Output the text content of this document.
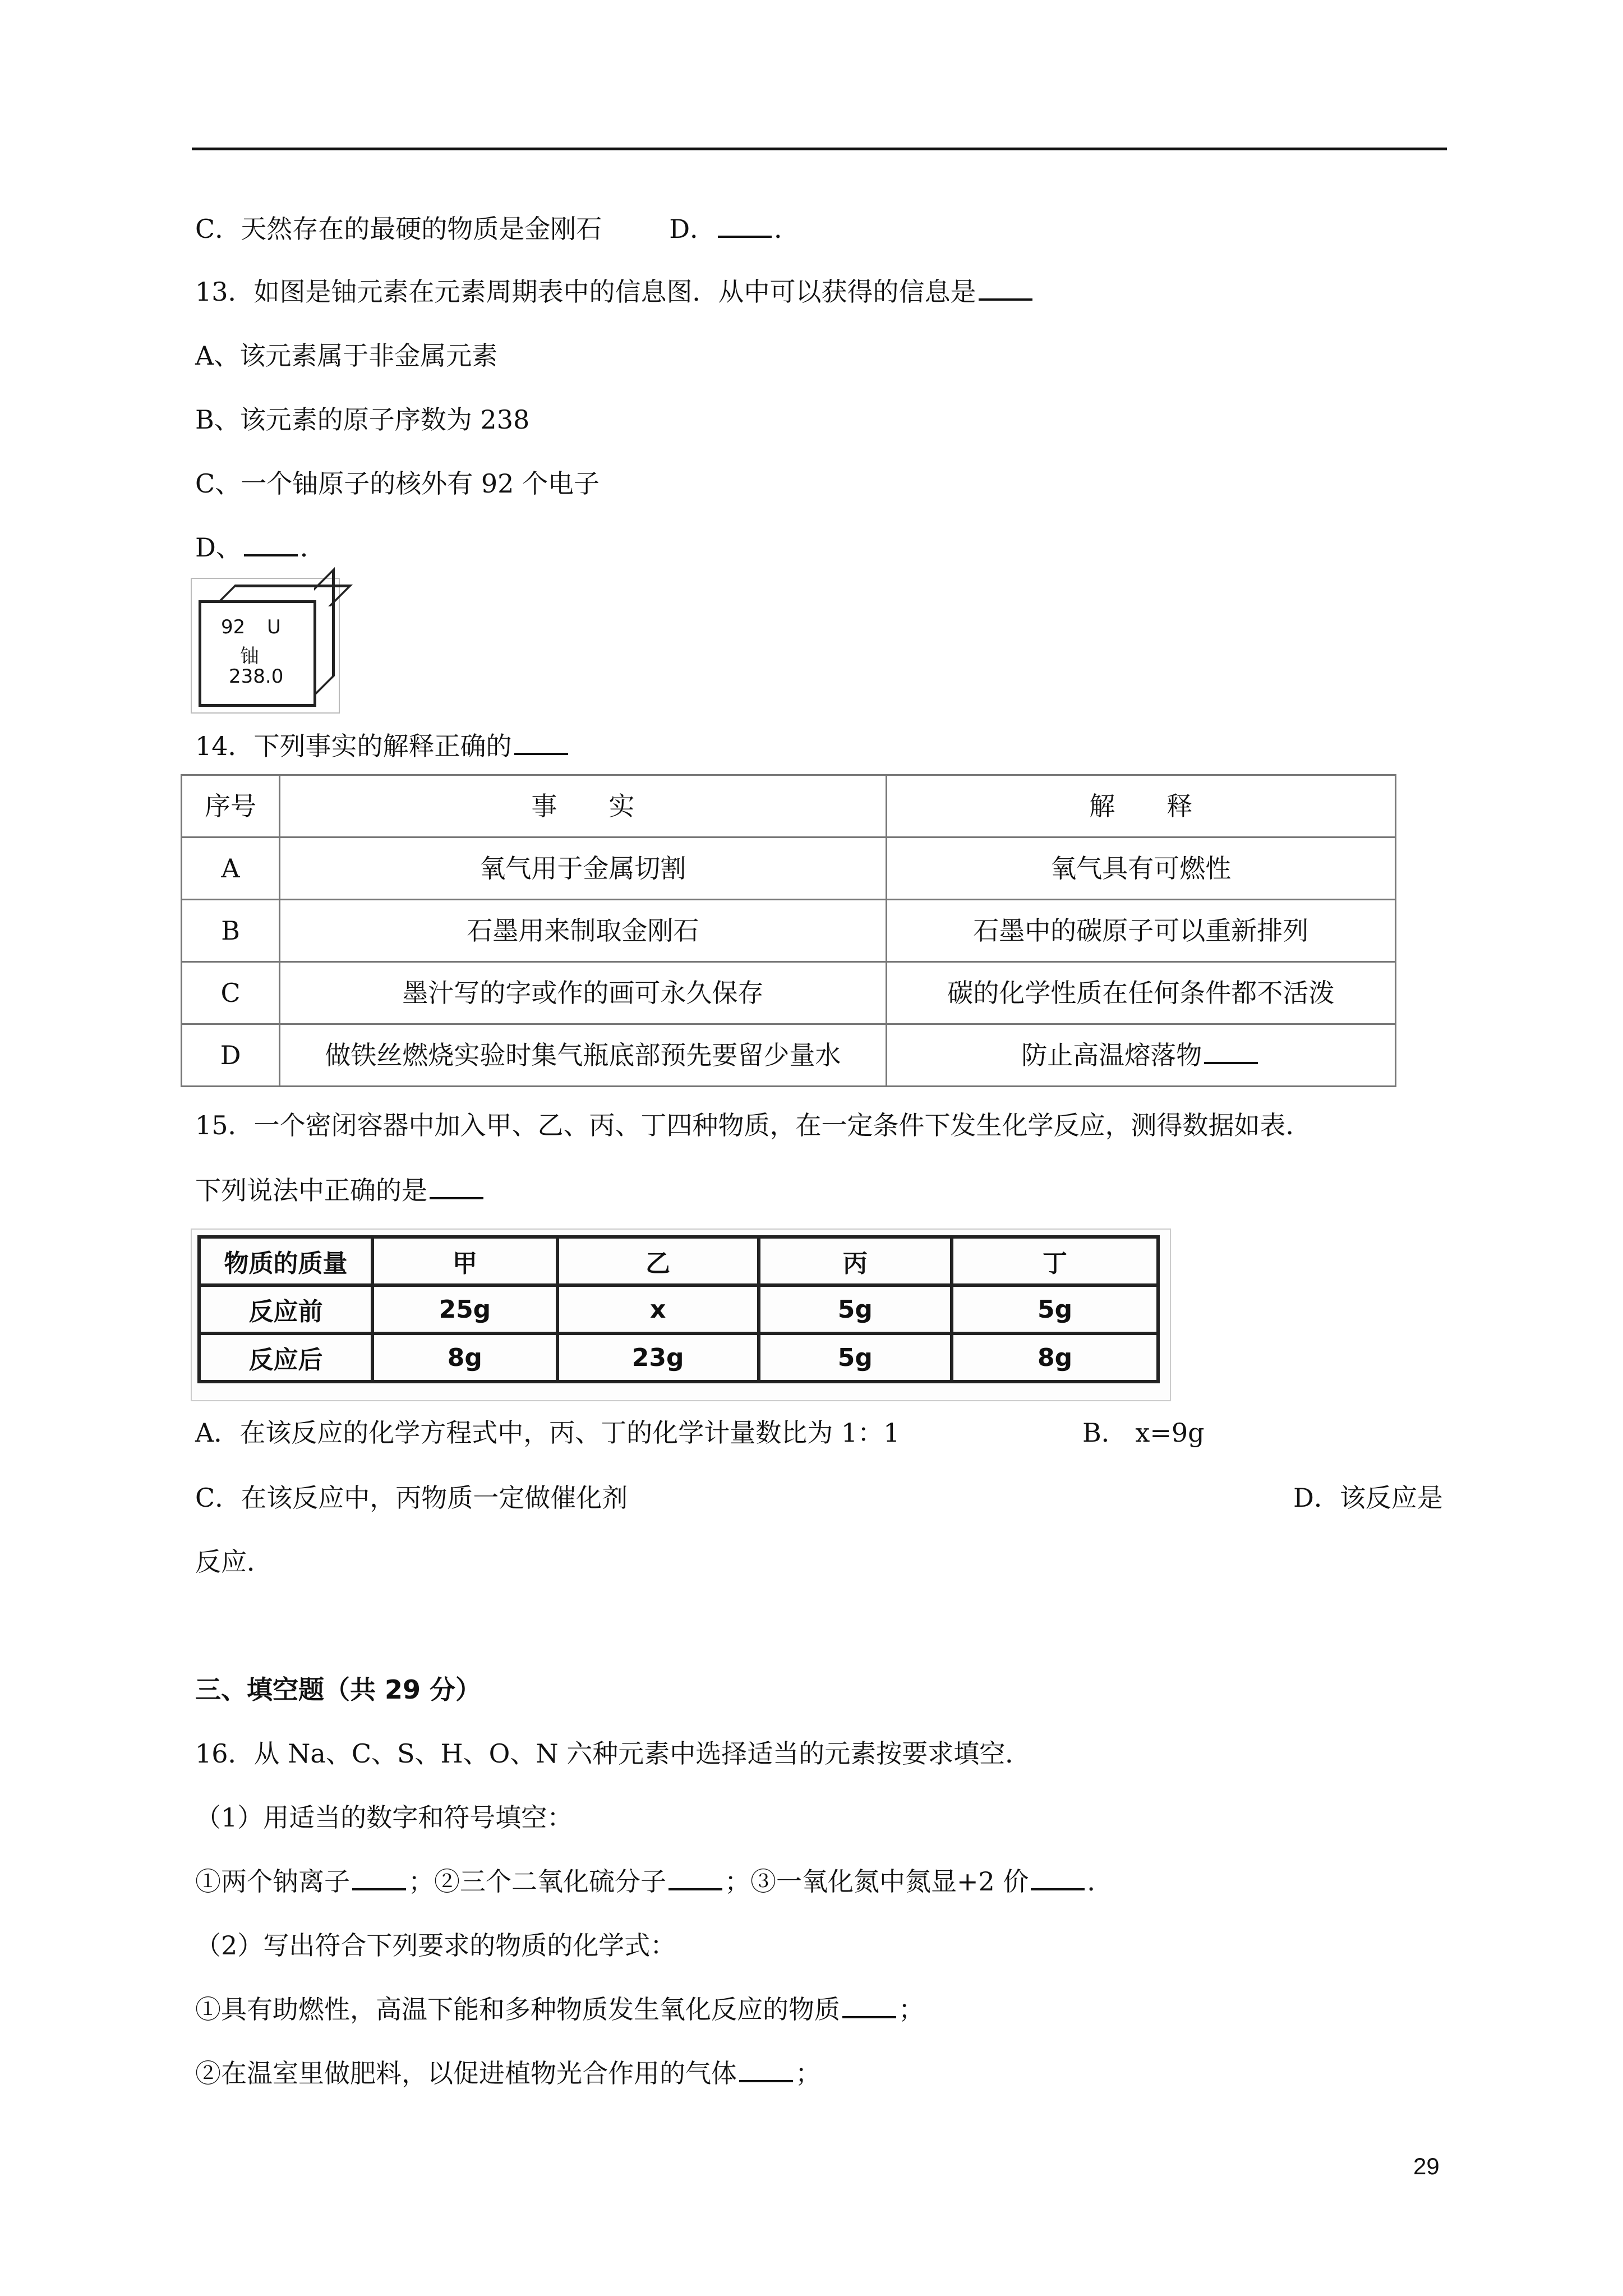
C．天然存在的最硬的物质是金刚石	D． ．
13．如图是铀元素在元素周期表中的信息图．从中可以获得的信息是
A、该元素属于非金属元素
B、该元素的原子序数为 238
C、一个铀原子的核外有 92 个电子
D、 ．
92 U
铀
238.0
14．下列事实的解释正确的
序号	事　　实	解　　释
A	氧气用于金属切割	氧气具有可燃性
B	石墨用来制取金刚石	石墨中的碳原子可以重新排列
C	墨汁写的字或作的画可永久保存	碳的化学性质在任何条件都不活泼
D	做铁丝燃烧实验时集气瓶底部预先要留少量水	防止高温熔落物
15．一个密闭容器中加入甲、乙、丙、丁四种物质，在一定条件下发生化学反应，测得数据如表．
下列说法中正确的是
物质的质量	甲	乙	丙	丁
反应前	25g	x	5g	5g
反应后	8g	23g	5g	8g
A．在该反应的化学方程式中，丙、丁的化学计量数比为 1：1	B． x=9g
C．在该反应中，丙物质一定做催化剂	D．该反应是
反应．
三、填空题（共 29 分）
16．从 Na、C、S、H、O、N 六种元素中选择适当的元素按要求填空．
（1）用适当的数字和符号填空：
①两个钠离子 ；②三个二氧化硫分子 ；③一氧化氮中氮显+2 价 ．
（2）写出符合下列要求的物质的化学式：
①具有助燃性，高温下能和多种物质发生氧化反应的物质 ；
②在温室里做肥料，以促进植物光合作用的气体 ；
29
